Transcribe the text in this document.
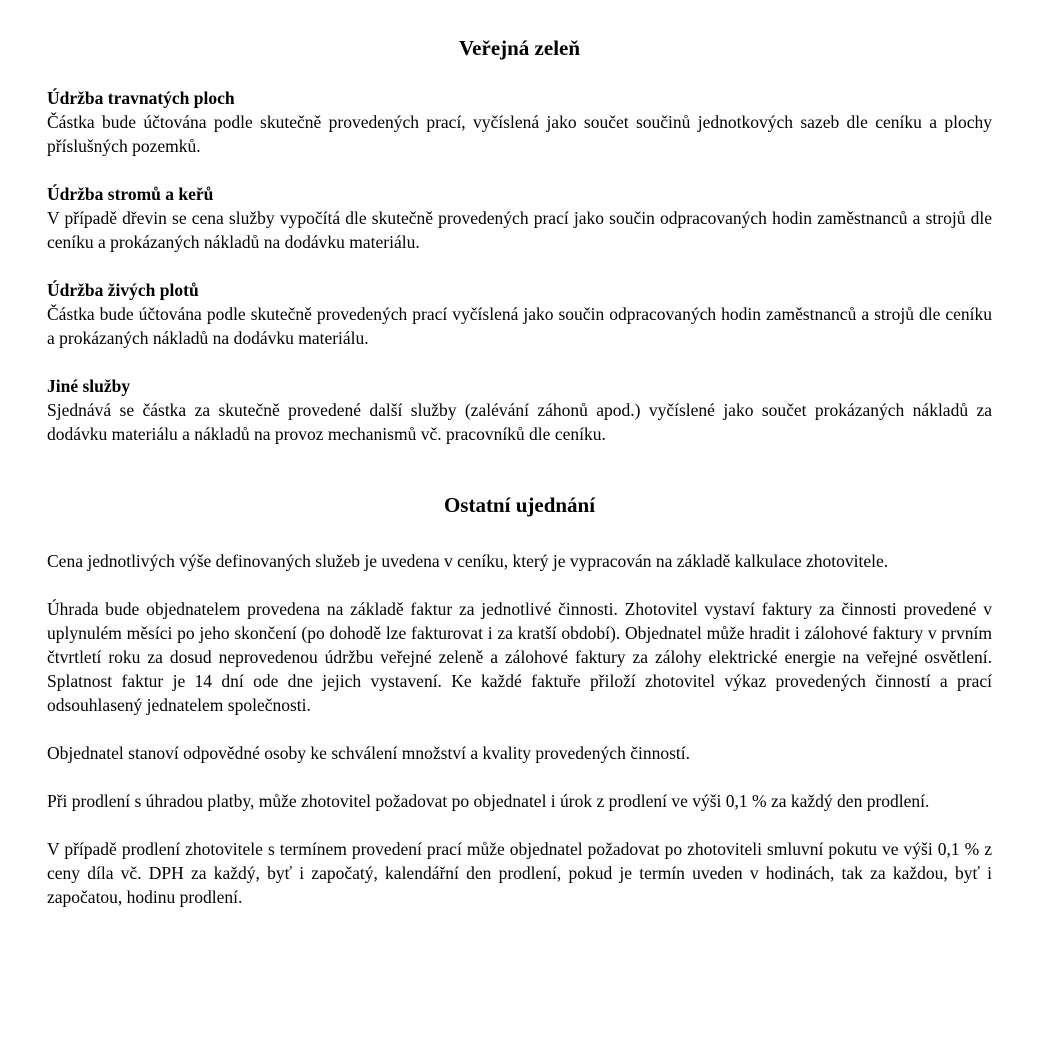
Veřejná zeleň
Údržba travnatých ploch

Částka bude účtována podle skutečně provedených prací, vyčíslená jako součet součinů jednotkových sazeb dle ceníku a plochy příslušných pozemků.

Údržba stromů a keřů

V případě dřevin se cena služby vypočítá dle skutečně provedených prací jako součin odpracovaných hodin zaměstnanců a strojů dle ceníku a prokázaných nákladů na dodávku materiálu.

Údržba živých plotů

Částka bude účtována podle skutečně provedených prací vyčíslená jako součin odpracovaných hodin zaměstnanců a strojů dle ceníku a prokázaných nákladů na dodávku materiálu.

Jiné služby

Sjednává se částka za skutečně provedené další služby (zalévání záhonů apod.) vyčíslené jako součet prokázaných nákladů za dodávku materiálu a nákladů na provoz mechanismů vč. pracovníků dle ceníku.

Ostatní ujednání

Cena jednotlivých výše definovaných služeb je uvedena v ceníku, který je vypracován na základě kalkulace zhotovitele.

Úhrada bude objednatelem provedena na základě faktur za jednotlivé činnosti. Zhotovitel vystaví faktury za činnosti provedené v uplynulém měsíci po jeho skončení (po dohodě lze fakturovat i za kratší období). Objednatel může hradit i zálohové faktury v prvním čtvrtletí roku za dosud neprovedenou údržbu veřejné zeleně a zálohové faktury za zálohy elektrické energie na veřejné osvětlení. Splatnost faktur je 14 dní ode dne jejich vystavení. Ke každé faktuře přiloží zhotovitel výkaz provedených činností a prací odsouhlasený jednatelem společnosti.

Objednatel stanoví odpovědné osoby ke schválení množství a kvality provedených činností.

Při prodlení s úhradou platby, může zhotovitel požadovat po objednatel i úrok z prodlení ve výši 0,1 % za každý den prodlení.

V případě prodlení zhotovitele s termínem provedení prací může objednatel požadovat po zhotoviteli smluvní pokutu ve výši 0,1 % z ceny díla vč. DPH za každý, byť i započatý, kalendářní den prodlení, pokud je termín uveden v hodinách, tak za každou, byť i započatou, hodinu prodlení.
